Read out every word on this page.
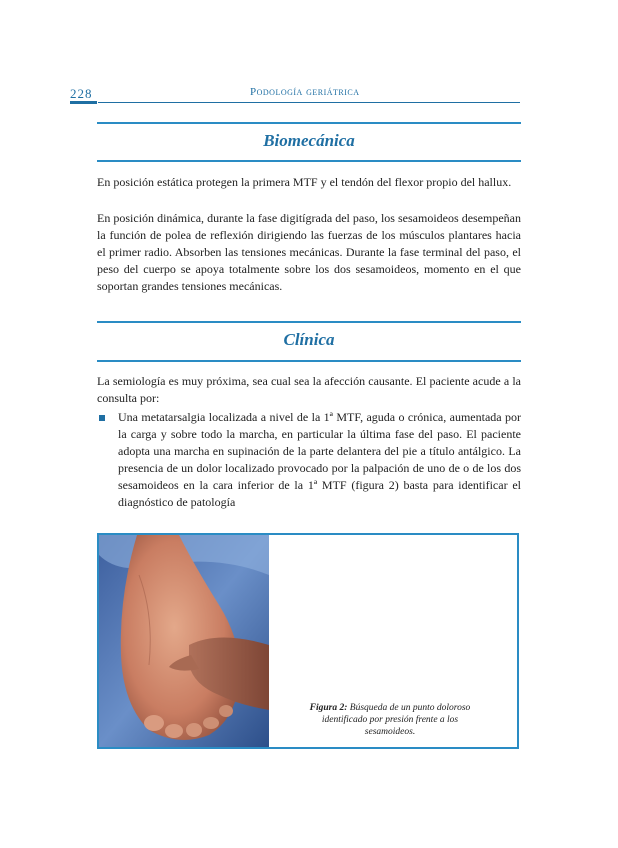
228	Podología geriátrica
Biomecánica

En posición estática protegen la primera MTF y el tendón del flexor propio del hallux.

En posición dinámica, durante la fase digitígrada del paso, los sesamoideos desempeñan la función de polea de reflexión dirigiendo las fuerzas de los músculos plantares hacia el primer radio. Absorben las tensiones mecánicas. Durante la fase terminal del paso, el peso del cuerpo se apoya totalmente sobre los dos sesamoideos, momento en el que soportan grandes tensiones mecánicas.

Clínica

La semiología es muy próxima, sea cual sea la afección causante. El paciente acude a la consulta por:

Una metatarsalgia localizada a nivel de la 1ª MTF, aguda o crónica, aumentada por la carga y sobre todo la marcha, en particular la última fase del paso. El paciente adopta una marcha en supinación de la parte delantera del pie a título antálgico. La presencia de un dolor localizado provocado por la palpación de uno de o de los dos sesamoideos en la cara inferior de la 1ª MTF (figura 2) basta para identificar el diagnóstico de patología

Figura 2: Búsqueda de un punto doloroso identificado por presión frente a los sesamoideos.
